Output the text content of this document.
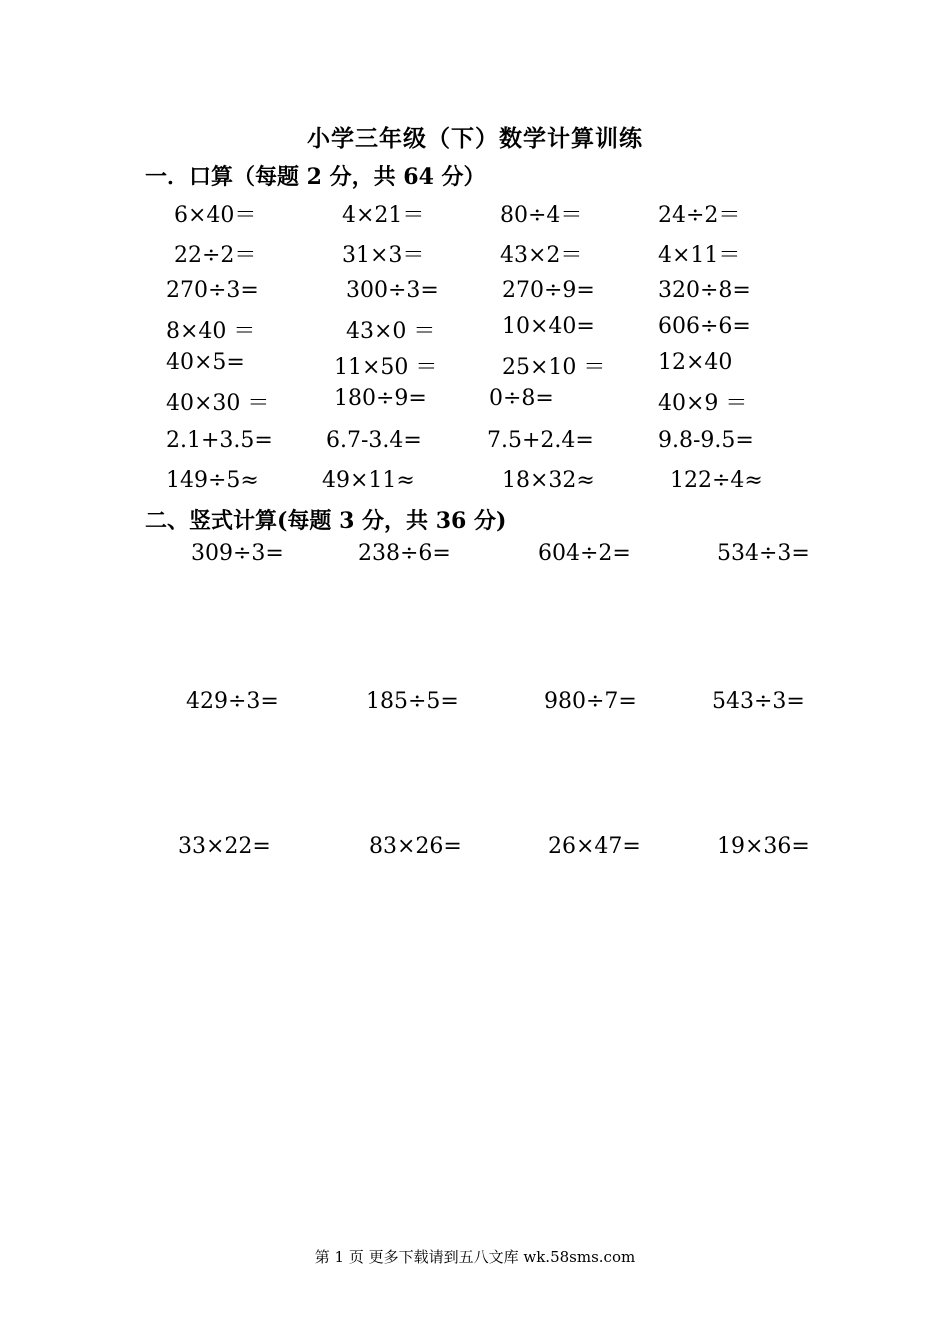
小学三年级（下）数学计算训练
一．口算（每题 2 分，共 64 分）
6×40＝	4×21＝	80÷4＝	24÷2＝
22÷2＝	31×3＝	43×2＝	4×11＝
270÷3=	300÷3=	270÷9=	320÷8=
8×40 ＝	43×0 ＝	10×40=	606÷6=
40×5=	11×50 ＝	25×10 ＝ 12×40
40×30 ＝	180÷9=	0÷8=	40×9 ＝
2.1+3.5= 6.7-3.4=	7.5+2.4=	9.8-9.5=
149÷5≈	49×11≈	18×32≈	122÷4≈
二、竖式计算(每题 3 分，共 36 分)
309÷3=	238÷6=	604÷2=	534÷3=
429÷3=	185÷5=	980÷7=	543÷3=
33×22=	83×26=	26×47=	19×36=
第 1 页 更多下载请到五八文库 wk.58sms.com
